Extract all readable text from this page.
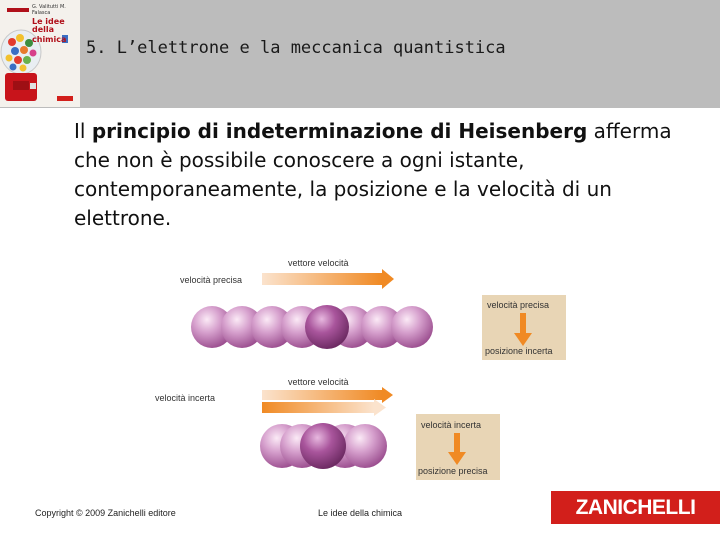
G. Valitutti M. Falasca
Le idee della
chimica	5. L’elettrone e la meccanica quantistica
Il principio di indeterminazione di Heisenberg afferma che non è possibile conoscere a ogni istante, contemporaneamente, la posizione e la velocità di un elettrone.
vettore velocità
velocità precisa
velocità precisa
posizione incerta
vettore velocità
velocità incerta
velocità incerta
posizione precisa
Copyright © 2009 Zanichelli editore	Le idee della chimica	ZANICHELLI
